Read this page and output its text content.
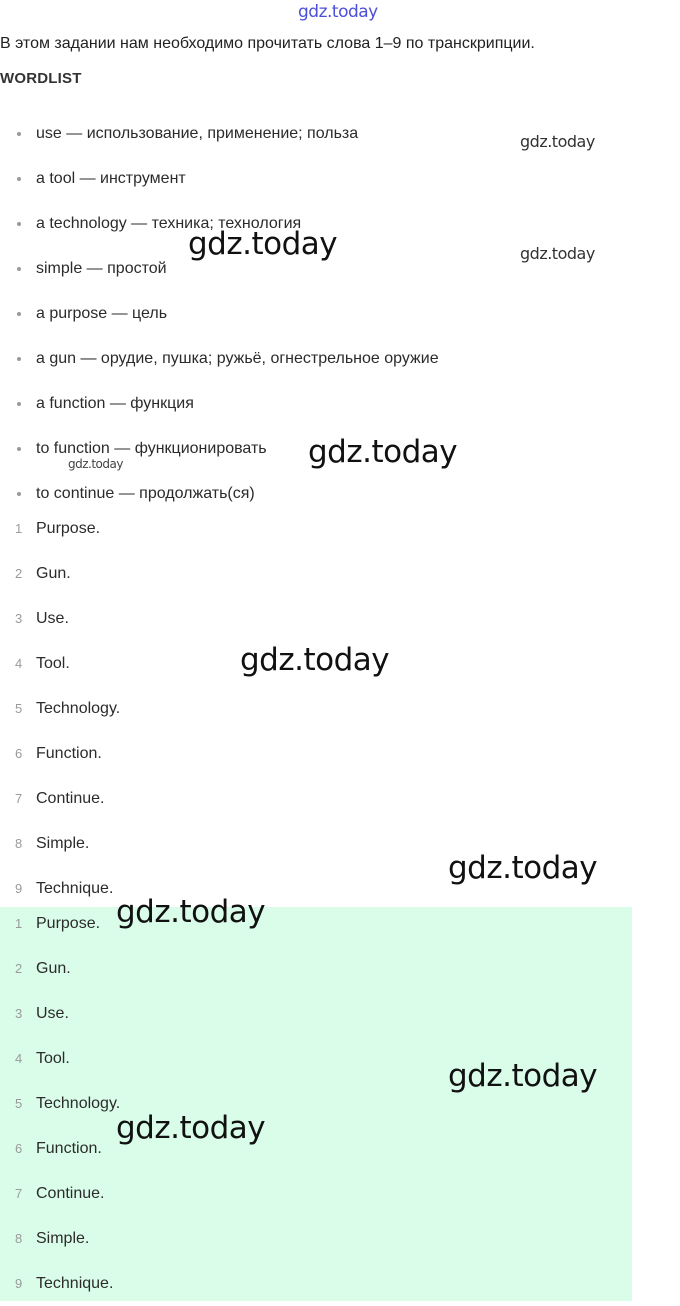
gdz.today
В этом задании нам необходимо прочитать слова 1–9 по транскрипции.
WORDLIST
use — использование, применение; польза
a tool — инструмент
a technology — техника; технология
simple — простой
a purpose — цель
a gun — орудие, пушка; ружьё, огнестрельное оружие
a function — функция
to function — функционировать
to continue — продолжать(ся)
1 Purpose.
2 Gun.
3 Use.
4 Tool.
5 Technology.
6 Function.
7 Continue.
8 Simple.
9 Technique.
1 Purpose.
2 Gun.
3 Use.
4 Tool.
5 Technology.
6 Function.
7 Continue.
8 Simple.
9 Technique.
gdz.today
gdz.today	gdz.today
gdz.today
gdz.today
gdz.today
gdz.today
gdz.today
gdz.today
gdz.today
